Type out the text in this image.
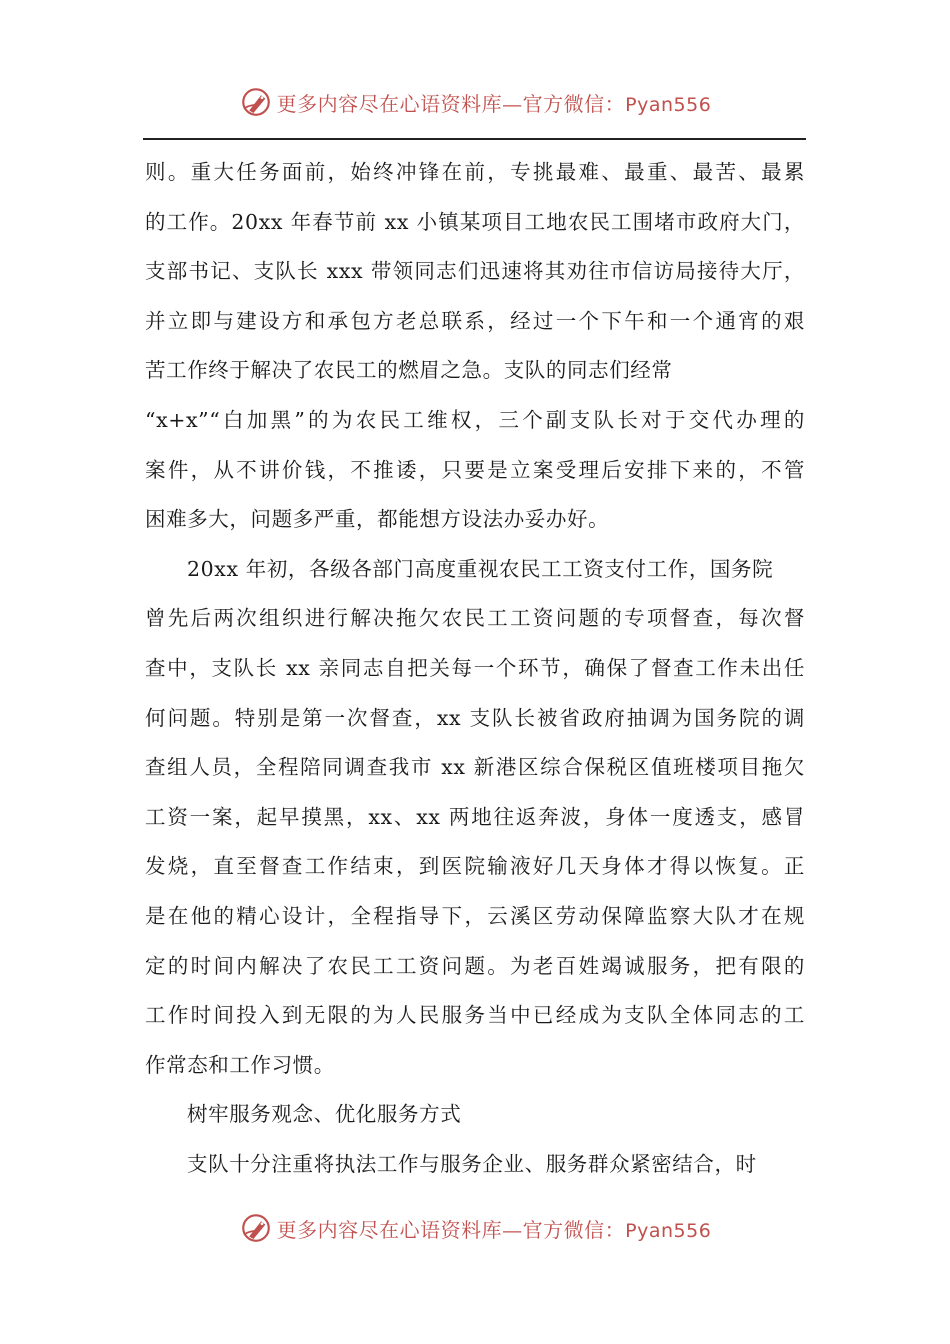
更多内容尽在心语资料库—官方微信：Pyan556
则。重大任务面前，始终冲锋在前，专挑最难、最重、最苦、最累
的工作。20xx 年春节前 xx 小镇某项目工地农民工围堵市政府大门，
支部书记、支队长 xxx 带领同志们迅速将其劝往市信访局接待大厅，
并立即与建设方和承包方老总联系，经过一个下午和一个通宵的艰
苦工作终于解决了农民工的燃眉之急。支队的同志们经常
“x+x”“白加黑”的为农民工维权，三个副支队长对于交代办理的
案件，从不讲价钱，不推诿，只要是立案受理后安排下来的，不管
困难多大，问题多严重，都能想方设法办妥办好。
20xx 年初，各级各部门高度重视农民工工资支付工作，国务院
曾先后两次组织进行解决拖欠农民工工资问题的专项督查，每次督
查中，支队长 xx 亲同志自把关每一个环节，确保了督查工作未出任
何问题。特别是第一次督查，xx 支队长被省政府抽调为国务院的调
查组人员，全程陪同调查我市 xx 新港区综合保税区值班楼项目拖欠
工资一案，起早摸黑，xx、xx 两地往返奔波，身体一度透支，感冒
发烧，直至督查工作结束，到医院输液好几天身体才得以恢复。正
是在他的精心设计，全程指导下，云溪区劳动保障监察大队才在规
定的时间内解决了农民工工资问题。为老百姓竭诚服务，把有限的
工作时间投入到无限的为人民服务当中已经成为支队全体同志的工
作常态和工作习惯。
树牢服务观念、优化服务方式
支队十分注重将执法工作与服务企业、服务群众紧密结合，时
更多内容尽在心语资料库—官方微信：Pyan556
